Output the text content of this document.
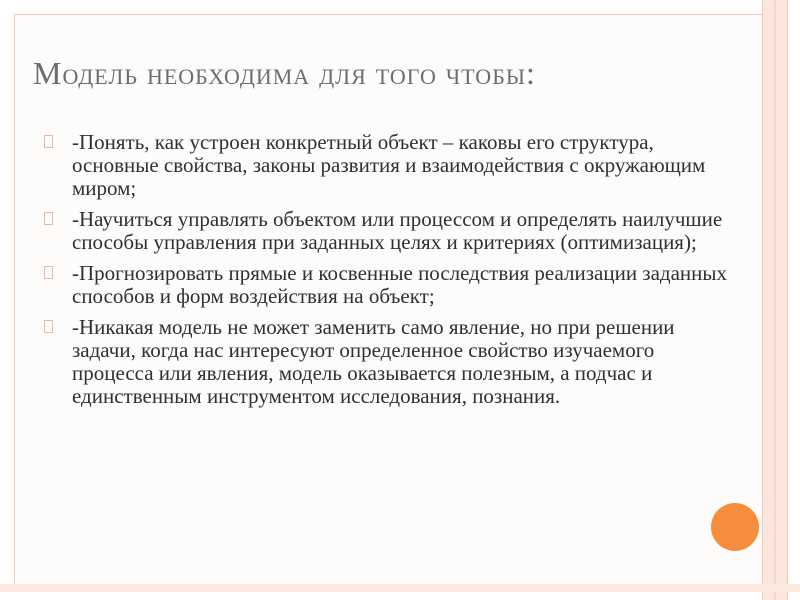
Модель необходима для того чтобы:
-Понять, как устроен конкретный объект – каковы его структура, основные свойства, законы развития и взаимодействия с окружающим миром;
-Научиться управлять объектом или процессом и определять наилучшие способы управления при заданных целях и критериях (оптимизация);
-Прогнозировать прямые и косвенные последствия реализации заданных способов и форм воздействия на объект;
-Никакая модель не может заменить само явление, но при решении задачи, когда нас интересуют определенное свойство изучаемого процесса или явления, модель оказывается полезным, а подчас и единственным инструментом исследования, познания.
